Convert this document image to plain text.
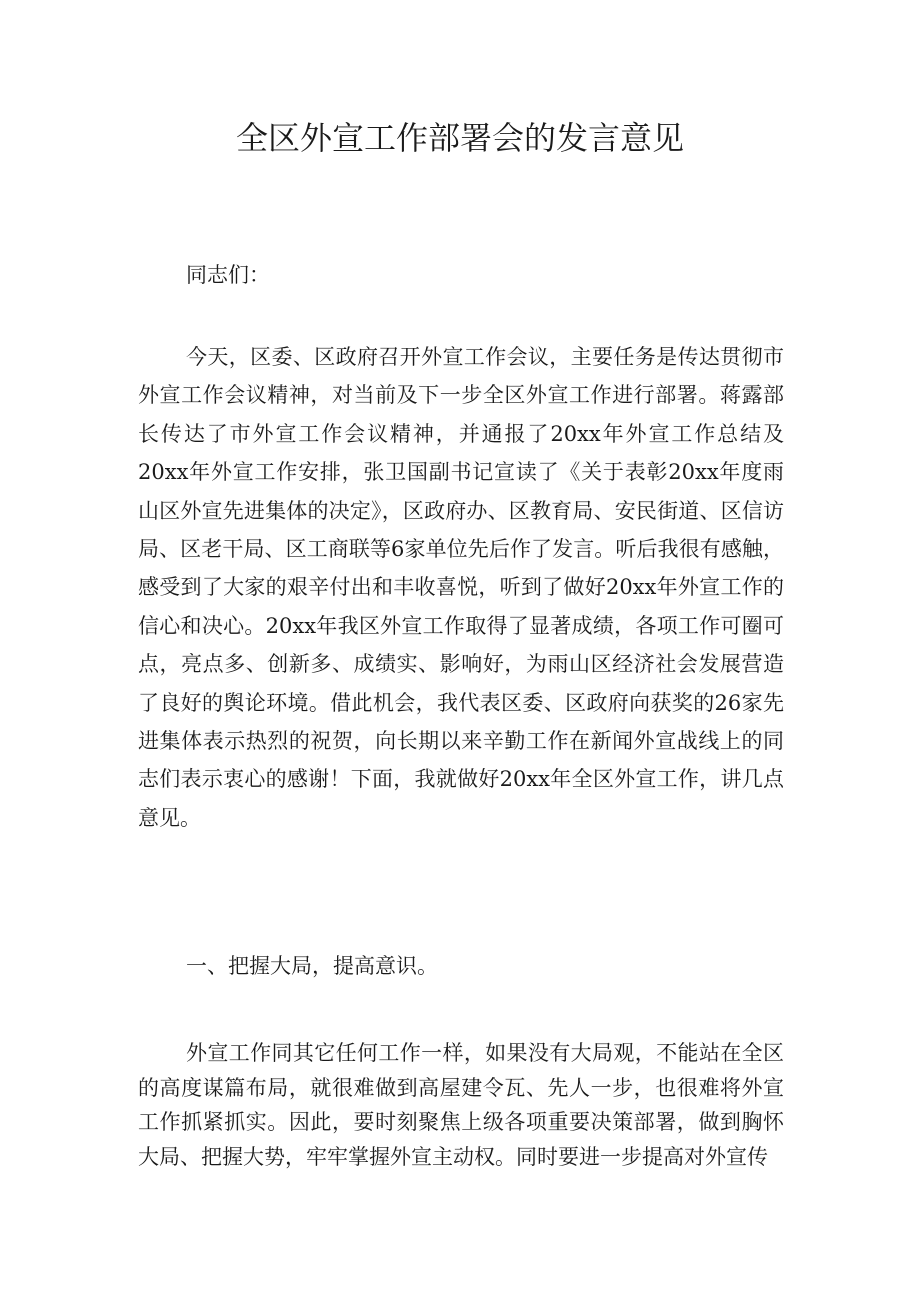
全区外宣工作部署会的发言意见

同志们：

今天，区委、区政府召开外宣工作会议，主要任务是传达贯彻市外宣工作会议精神，对当前及下一步全区外宣工作进行部署。蒋露部长传达了市外宣工作会议精神，并通报了20xx年外宣工作总结及20xx年外宣工作安排，张卫国副书记宣读了《关于表彰20xx年度雨山区外宣先进集体的决定》，区政府办、区教育局、安民街道、区信访局、区老干局、区工商联等6家单位先后作了发言。听后我很有感触，感受到了大家的艰辛付出和丰收喜悦，听到了做好20xx年外宣工作的信心和决心。20xx年我区外宣工作取得了显著成绩，各项工作可圈可点，亮点多、创新多、成绩实、影响好，为雨山区经济社会发展营造了良好的舆论环境。借此机会，我代表区委、区政府向获奖的26家先进集体表示热烈的祝贺，向长期以来辛勤工作在新闻外宣战线上的同志们表示衷心的感谢！下面，我就做好20xx年全区外宣工作，讲几点意见。

一、把握大局，提高意识。

外宣工作同其它任何工作一样，如果没有大局观，不能站在全区的高度谋篇布局，就很难做到高屋建令瓦、先人一步，也很难将外宣工作抓紧抓实。因此，要时刻聚焦上级各项重要决策部署，做到胸怀大局、把握大势，牢牢掌握外宣主动权。同时要进一步提高对外宣传
